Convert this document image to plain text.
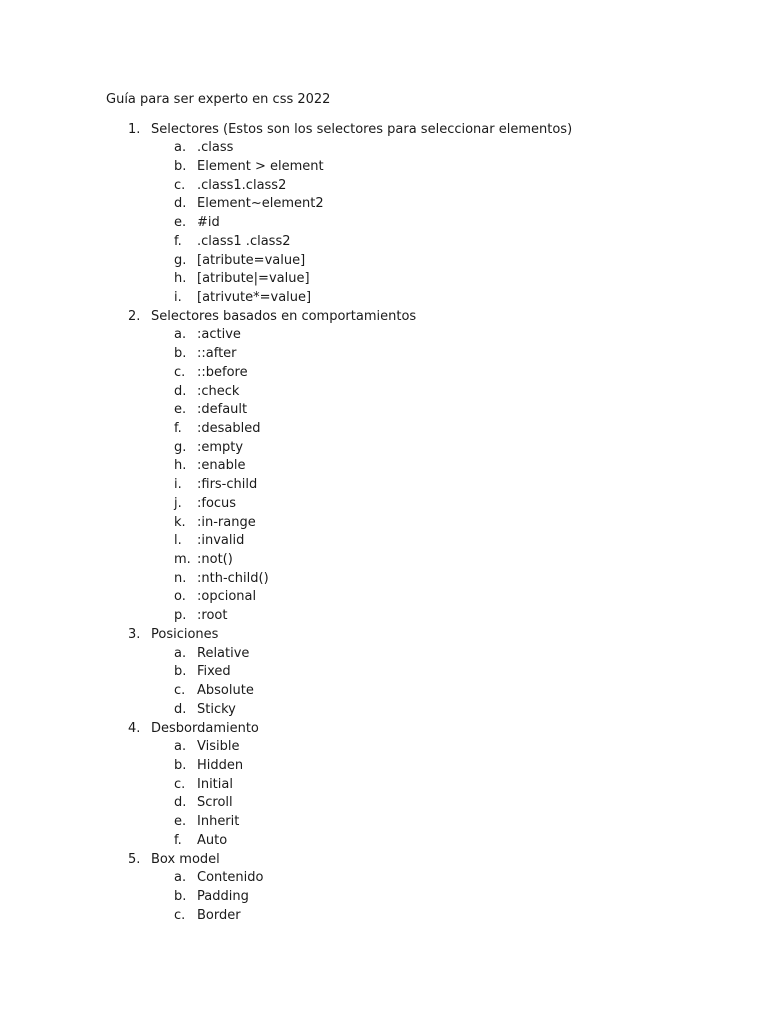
Guía para ser experto en css 2022
1. Selectores (Estos son los selectores para seleccionar elementos)
a. .class
b. Element > element
c. .class1.class2
d. Element~element2
e. #id
f. .class1 .class2
g. [atribute=value]
h. [atribute|=value]
i. [atrivute*=value]
2. Selectores basados en comportamientos
a. :active
b. ::after
c. ::before
d. :check
e. :default
f. :desabled
g. :empty
h. :enable
i. :firs-child
j. :focus
k. :in-range
l. :invalid
m. :not()
n. :nth-child()
o. :opcional
p. :root
3. Posiciones
a. Relative
b. Fixed
c. Absolute
d. Sticky
4. Desbordamiento
a. Visible
b. Hidden
c. Initial
d. Scroll
e. Inherit
f. Auto
5. Box model
a. Contenido
b. Padding
c. Border
